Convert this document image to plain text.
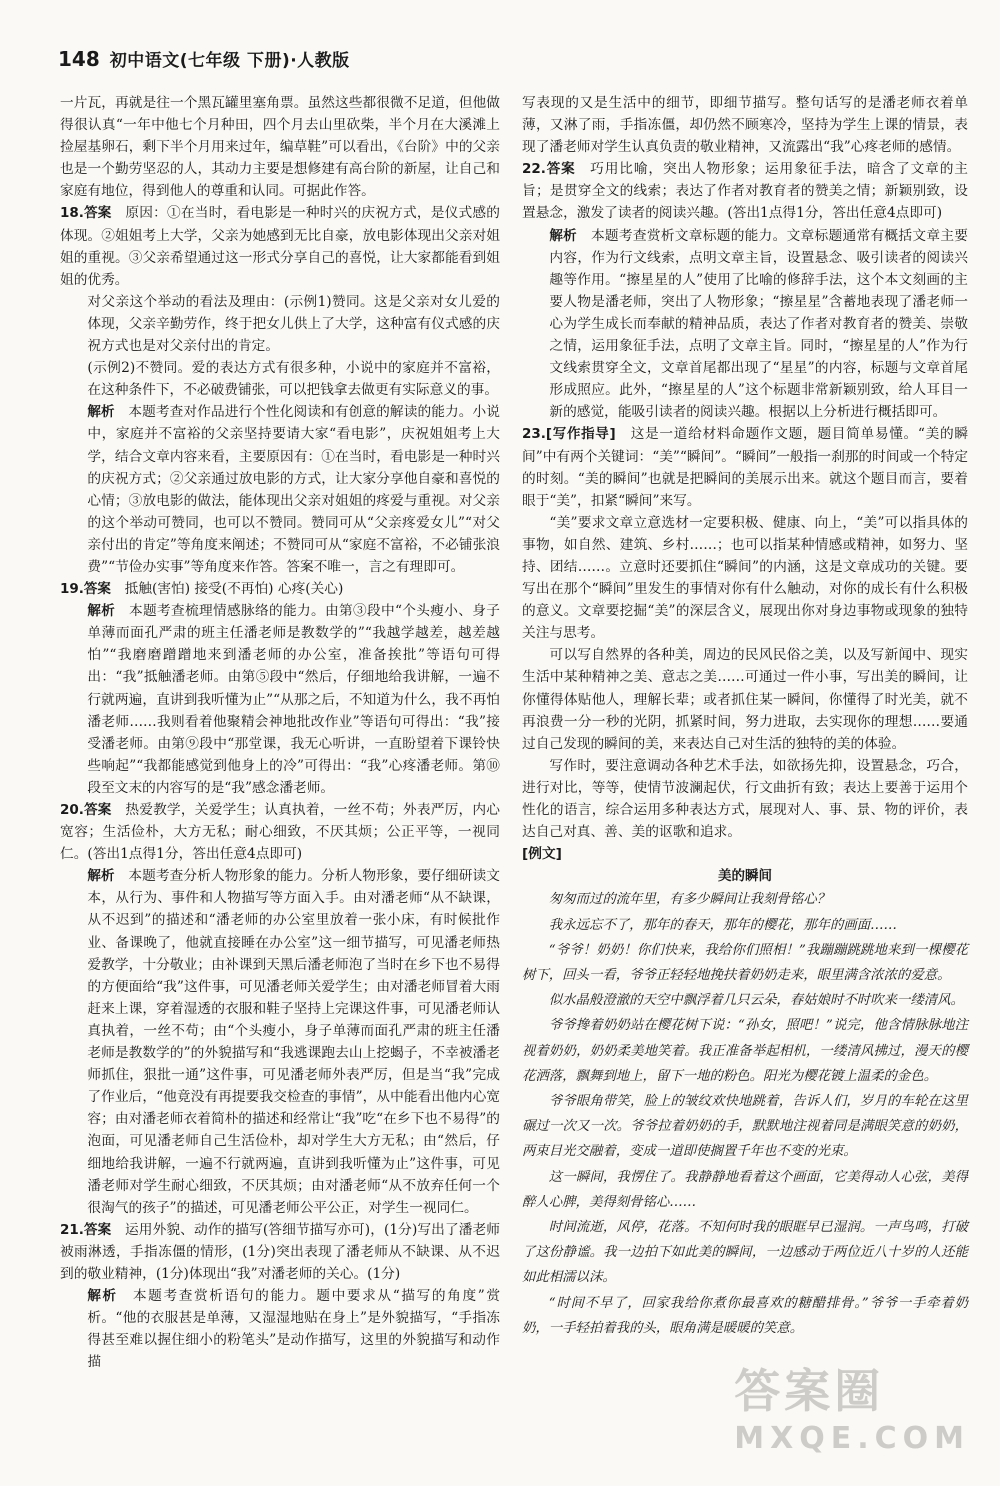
148 初中语文(七年级 下册)·人教版

一片瓦，再就是往一个黑瓦罐里塞角票。虽然这些都很微不足道，但他做得很认真“一年中他七个月种田，四个月去山里砍柴，半个月在大溪滩上捡屋基卵石，剩下半个月用来过年，编草鞋”可以看出，《台阶》中的父亲也是一个勤劳坚忍的人，其动力主要是想修建有高台阶的新屋，让自己和家庭有地位，得到他人的尊重和认同。可据此作答。

18.答案　 原因：①在当时，看电影是一种时兴的庆祝方式，是仪式感的体现。②姐姐考上大学，父亲为她感到无比自豪，放电影体现出父亲对姐姐的重视。③父亲希望通过这一形式分享自己的喜悦，让大家都能看到姐姐的优秀。

对父亲这个举动的看法及理由：(示例1)赞同。这是父亲对女儿爱的体现，父亲辛勤劳作，终于把女儿供上了大学，这种富有仪式感的庆祝方式也是对父亲付出的肯定。

(示例2)不赞同。爱的表达方式有很多种，小说中的家庭并不富裕，在这种条件下，不必破费铺张，可以把钱拿去做更有实际意义的事。

解析　 本题考查对作品进行个性化阅读和有创意的解读的能力。小说中，家庭并不富裕的父亲坚持要请大家“看电影”，庆祝姐姐考上大学，结合文章内容来看，主要原因有：①在当时，看电影是一种时兴的庆祝方式；②父亲通过放电影的方式，让大家分享他自豪和喜悦的心情；③放电影的做法，能体现出父亲对姐姐的疼爱与重视。对父亲的这个举动可赞同，也可以不赞同。赞同可从“父亲疼爱女儿”“对父亲付出的肯定”等角度来阐述；不赞同可从“家庭不富裕，不必铺张浪费”“节俭办实事”等角度来作答。答案不唯一，言之有理即可。

19.答案　 抵触(害怕) 接受(不再怕) 心疼(关心)

解析　 本题考查梳理情感脉络的能力。由第③段中“个头瘦小、身子单薄而面孔严肃的班主任潘老师是教数学的”“我越学越差，越差越怕”“我磨磨蹭蹭地来到潘老师的办公室，准备挨批”等语句可得出：“我”抵触潘老师。由第⑤段中“然后，仔细地给我讲解，一遍不行就两遍，直讲到我听懂为止”“从那之后，不知道为什么，我不再怕潘老师……我则看着他聚精会神地批改作业”等语句可得出：“我”接受潘老师。由第⑨段中“那堂课，我无心听讲，一直盼望着下课铃快些响起”“我都能感觉到他身上的冷”可得出：“我”心疼潘老师。第⑩段至文末的内容写的是“我”感念潘老师。

20.答案　 热爱教学，关爱学生；认真执着，一丝不苟；外表严厉，内心宽容；生活俭朴，大方无私；耐心细致，不厌其烦；公正平等，一视同仁。(答出1点得1分，答出任意4点即可)

解析　 本题考查分析人物形象的能力。分析人物形象，要仔细研读文本，从行为、事件和人物描写等方面入手。由对潘老师“从不缺课，从不迟到”的描述和“潘老师的办公室里放着一张小床，有时候批作业、备课晚了，他就直接睡在办公室”这一细节描写，可见潘老师热爱教学，十分敬业；由补课到天黑后潘老师泡了当时在乡下也不易得的方便面给“我”这件事，可见潘老师关爱学生；由对潘老师冒着大雨赶来上课，穿着湿透的衣服和鞋子坚持上完课这件事，可见潘老师认真执着，一丝不苟；由“个头瘦小，身子单薄而面孔严肃的班主任潘老师是教数学的”的外貌描写和“我逃课跑去山上挖蝎子，不幸被潘老师抓住，狠批一通”这件事，可见潘老师外表严厉，但是当“我”完成了作业后，“他竟没有再提要我交检查的事情”，从中能看出他内心宽容；由对潘老师衣着简朴的描述和经常让“我”吃“在乡下也不易得”的泡面，可见潘老师自己生活俭朴，却对学生大方无私；由“然后，仔细地给我讲解，一遍不行就两遍，直讲到我听懂为止”这件事，可见潘老师对学生耐心细致，不厌其烦；由对潘老师“从不放弃任何一个很淘气的孩子”的描述，可见潘老师公平公正，对学生一视同仁。

21.答案　 运用外貌、动作的描写(答细节描写亦可)，(1分)写出了潘老师被雨淋透，手指冻僵的情形，(1分)突出表现了潘老师从不缺课、从不迟到的敬业精神，(1分)体现出“我”对潘老师的关心。(1分)

解析　 本题考查赏析语句的能力。题中要求从“描写的角度”赏析。“他的衣服甚是单薄，又湿湿地贴在身上”是外貌描写，“手指冻得甚至难以握住细小的粉笔头”是动作描写，这里的外貌描写和动作描

写表现的又是生活中的细节，即细节描写。整句话写的是潘老师衣着单薄，又淋了雨，手指冻僵，却仍然不顾寒冷，坚持为学生上课的情景，表现了潘老师对学生认真负责的敬业精神，又流露出“我”心疼老师的感情。

22.答案　 巧用比喻，突出人物形象；运用象征手法，暗含了文章的主旨；是贯穿全文的线索；表达了作者对教育者的赞美之情；新颖别致，设置悬念，激发了读者的阅读兴趣。(答出1点得1分，答出任意4点即可)

解析　 本题考查赏析文章标题的能力。文章标题通常有概括文章主要内容，作为行文线索，点明文章主旨，设置悬念、吸引读者的阅读兴趣等作用。“擦星星的人”使用了比喻的修辞手法，这个本文刻画的主要人物是潘老师，突出了人物形象；“擦星星”含蓄地表现了潘老师一心为学生成长而奉献的精神品质，表达了作者对教育者的赞美、崇敬之情，运用象征手法，点明了文章主旨。同时，“擦星星的人”作为行文线索贯穿全文，文章首尾都出现了“星星”的内容，标题与文章首尾形成照应。此外，“擦星星的人”这个标题非常新颖别致，给人耳目一新的感觉，能吸引读者的阅读兴趣。根据以上分析进行概括即可。

23.[写作指导]　 这是一道给材料命题作文题，题目简单易懂。“美的瞬间”中有两个关键词：“美”“瞬间”。“瞬间”一般指一刹那的时间或一个特定的时刻。“美的瞬间”也就是把瞬间的美展示出来。就这个题目而言，要着眼于“美”，扣紧“瞬间”来写。

“美”要求文章立意选材一定要积极、健康、向上，“美”可以指具体的事物，如自然、建筑、乡村……；也可以指某种情感或精神，如努力、坚持、团结……。立意时还要抓住“瞬间”的内涵，这是文章成功的关键。要写出在那个“瞬间”里发生的事情对你有什么触动，对你的成长有什么积极的意义。文章要挖掘“美”的深层含义，展现出你对身边事物或现象的独特关注与思考。

可以写自然界的各种美，周边的民风民俗之美，以及写新闻中、现实生活中某种精神之美、意志之美……可通过一件小事，写出美的瞬间，让你懂得体贴他人，理解长辈；或者抓住某一瞬间，你懂得了时光美，就不再浪费一分一秒的光阴，抓紧时间，努力进取，去实现你的理想……要通过自己发现的瞬间的美，来表达自己对生活的独特的美的体验。

写作时，要注意调动各种艺术手法，如欲扬先抑，设置悬念，巧合，进行对比，等等，使情节波澜起伏，行文曲折有致；表达上要善于运用个性化的语言，综合运用多种表达方式，展现对人、事、景、物的评价，表达自己对真、善、美的讴歌和追求。

[例文]

美的瞬间

匆匆而过的流年里，有多少瞬间让我刻骨铭心？

我永远忘不了，那年的春天，那年的樱花，那年的画面……

“爷爷！奶奶！你们快来，我给你们照相！”我蹦蹦跳跳地来到一棵樱花树下，回头一看，爷爷正轻轻地挽扶着奶奶走来，眼里满含浓浓的爱意。

似水晶般澄澈的天空中飘浮着几只云朵，春姑娘时不时吹来一缕清风。

爷爷搀着奶奶站在樱花树下说：“孙女，照吧！”说完，他含情脉脉地注视着奶奶，奶奶柔美地笑着。我正准备举起相机，一缕清风拂过，漫天的樱花洒落，飘舞到地上，留下一地的粉色。阳光为樱花镀上温柔的金色。

爷爷眼角带笑，脸上的皱纹欢快地跳着，告诉人们，岁月的车轮在这里碾过一次又一次。爷爷拉着奶奶的手，默默地注视着同是满眼笑意的奶奶，两束目光交融着，变成一道即使搁置千年也不变的光束。

这一瞬间，我愣住了。我静静地看着这个画面，它美得动人心弦，美得醉人心脾，美得刻骨铭心……

时间流逝，风停，花落。不知何时我的眼眶早已湿润。一声鸟鸣，打破了这份静谧。我一边拍下如此美的瞬间，一边感动于两位近八十岁的人还能如此相濡以沫。

“时间不早了，回家我给你煮你最喜欢的糖醋排骨。”爷爷一手牵着奶奶，一手轻拍着我的头，眼角满是暖暖的笑意。

答案圈
MXQE.COM
